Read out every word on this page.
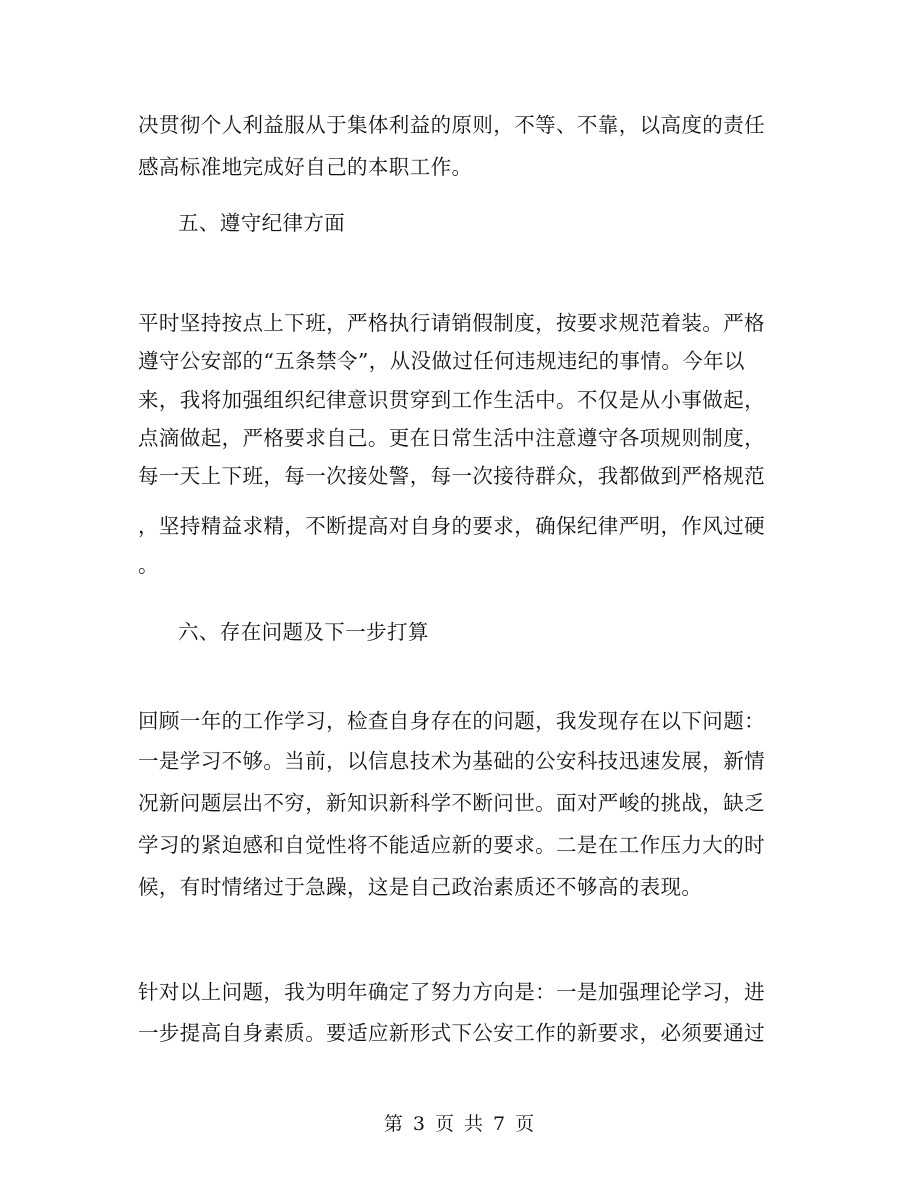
决贯彻个人利益服从于集体利益的原则，不等、不靠，以高度的责任
感高标准地完成好自己的本职工作。
五、遵守纪律方面
平时坚持按点上下班，严格执行请销假制度，按要求规范着装。严格
遵守公安部的“五条禁令”，从没做过任何违规违纪的事情。今年以
来，我将加强组织纪律意识贯穿到工作生活中。不仅是从小事做起，
点滴做起，严格要求自己。更在日常生活中注意遵守各项规则制度，
每一天上下班，每一次接处警，每一次接待群众，我都做到严格规范
，坚持精益求精，不断提高对自身的要求，确保纪律严明，作风过硬
。
六、存在问题及下一步打算
回顾一年的工作学习，检查自身存在的问题，我发现存在以下问题：
一是学习不够。当前，以信息技术为基础的公安科技迅速发展，新情
况新问题层出不穷，新知识新科学不断问世。面对严峻的挑战，缺乏
学习的紧迫感和自觉性将不能适应新的要求。二是在工作压力大的时
候，有时情绪过于急躁，这是自己政治素质还不够高的表现。
针对以上问题，我为明年确定了努力方向是：一是加强理论学习，进
一步提高自身素质。要适应新形式下公安工作的新要求，必须要通过
第 3 页 共 7 页
